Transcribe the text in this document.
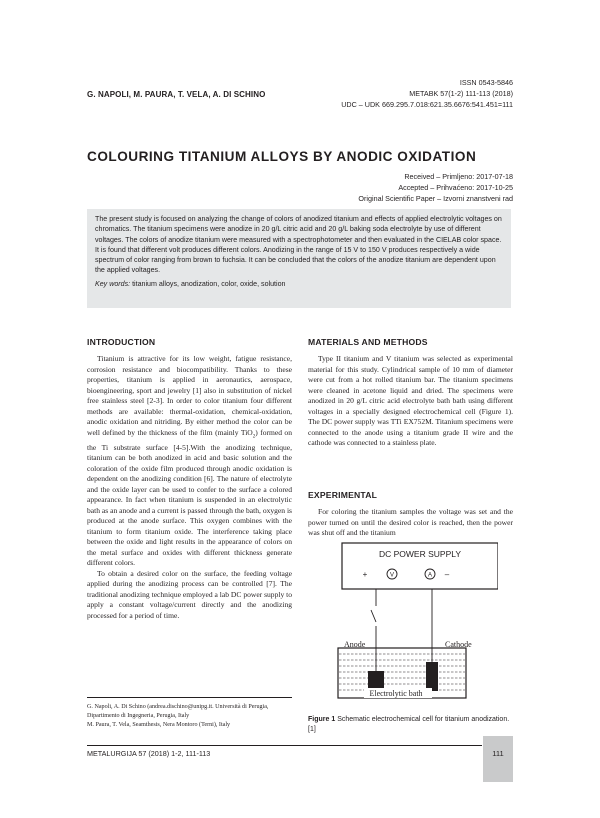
G. NAPOLI, M. PAURA, T. VELA, A. DI SCHINO
ISSN 0543-5846
METABK 57(1-2) 111-113 (2018)
UDC – UDK 669.295.7.018:621.35.6676:541.451=111
COLOURING TITANIUM ALLOYS BY ANODIC OXIDATION
Received – Primljeno: 2017-07-18
Accepted – Prihvaćeno: 2017-10-25
Original Scientific Paper – Izvorni znanstveni rad

The present study is focused on analyzing the change of colors of anodized titanium and effects of applied electrolytic voltages on chromatics. The titanium specimens were anodize in 20 g/L citric acid and 20 g/L baking soda electrolyte by use of different voltages. The colors of anodize titanium were measured with a spectrophotometer and then evaluated in the CIELAB color space. It is found that different volt produces different colors. Anodizing in the range of 15 V to 150 V produces respectively a wide spectrum of color ranging from brown to fuchsia. It can be concluded that the colors of the anodize titanium are dependent upon the applied voltages.

Key words: titanium alloys, anodization, color, oxide, solution

INTRODUCTION

Titanium is attractive for its low weight, fatigue resistance, corrosion resistance and biocompatibility. Thanks to these properties, titanium is applied in aeronautics, aerospace, bioengineering, sport and jewelry [1] also in substitution of nickel free stainless steel [2-3]. In order to color titanium four different methods are available: thermal-oxidation, chemical-oxidation, anodic oxidation and nitriding. By either method the color can be well defined by the thickness of the film (mainly TiO$_2$) formed on the Ti substrate surface [4-5].With the anodizing technique, titanium can be both anodized in acid and basic solution and the coloration of the oxide film produced through anodic oxidation is dependent on the anodizing condition [6]. The nature of electrolyte and the oxide layer can be used to confer to the surface a colored appearance. In fact when titanium is suspended in an electrolytic bath as an anode and a current is passed through the bath, oxygen is produced at the anode surface. This oxygen combines with the titanium to form titanium oxide. The interference taking place between the oxide and light results in the appearance of colors on the metal surface and oxides with different thickness generate different colors.

To obtain a desired color on the surface, the feeding voltage applied during the anodizing process can be controlled [7]. The traditional anodizing technique employed a lab DC power supply to apply a constant voltage/current directly and the anodizing processed for a period of time.

MATERIALS AND METHODS

Type II titanium and V titanium was selected as experimental material for this study. Cylindrical sample of 10 mm of diameter were cut from a hot rolled titanium bar. The titanium specimens were cleaned in acetone liquid and dried. The specimens were anodized in 20 g/L citric acid electrolyte bath bath using different voltages in a specially designed electrochemical cell (Figure 1). The DC power supply was TTi EX752M. Titanium specimens were connected to the anode using a titanium grade II wire and the cathode was connected to a stainless plate.

EXPERIMENTAL

For coloring the titanium samples the voltage was set and the power turned on until the desired color is reached, then the power was shut off and the titanium

DC POWER SUPPLY
+	V	A –
Anode	Cathode
Electrolytic bath
Figure 1 Schematic electrochemical cell for titanium anodization. [1]

G. Napoli, A. Di Schino (andrea.dischino@unipg.it. Università di Perugia, Dipartimento di Ingegneria, Perugia, Italy

M. Paura, T. Vela, Seamthesis, Nera Montoro (Terni), Italy

METALURGIJA 57 (2018) 1-2, 111-113	111
